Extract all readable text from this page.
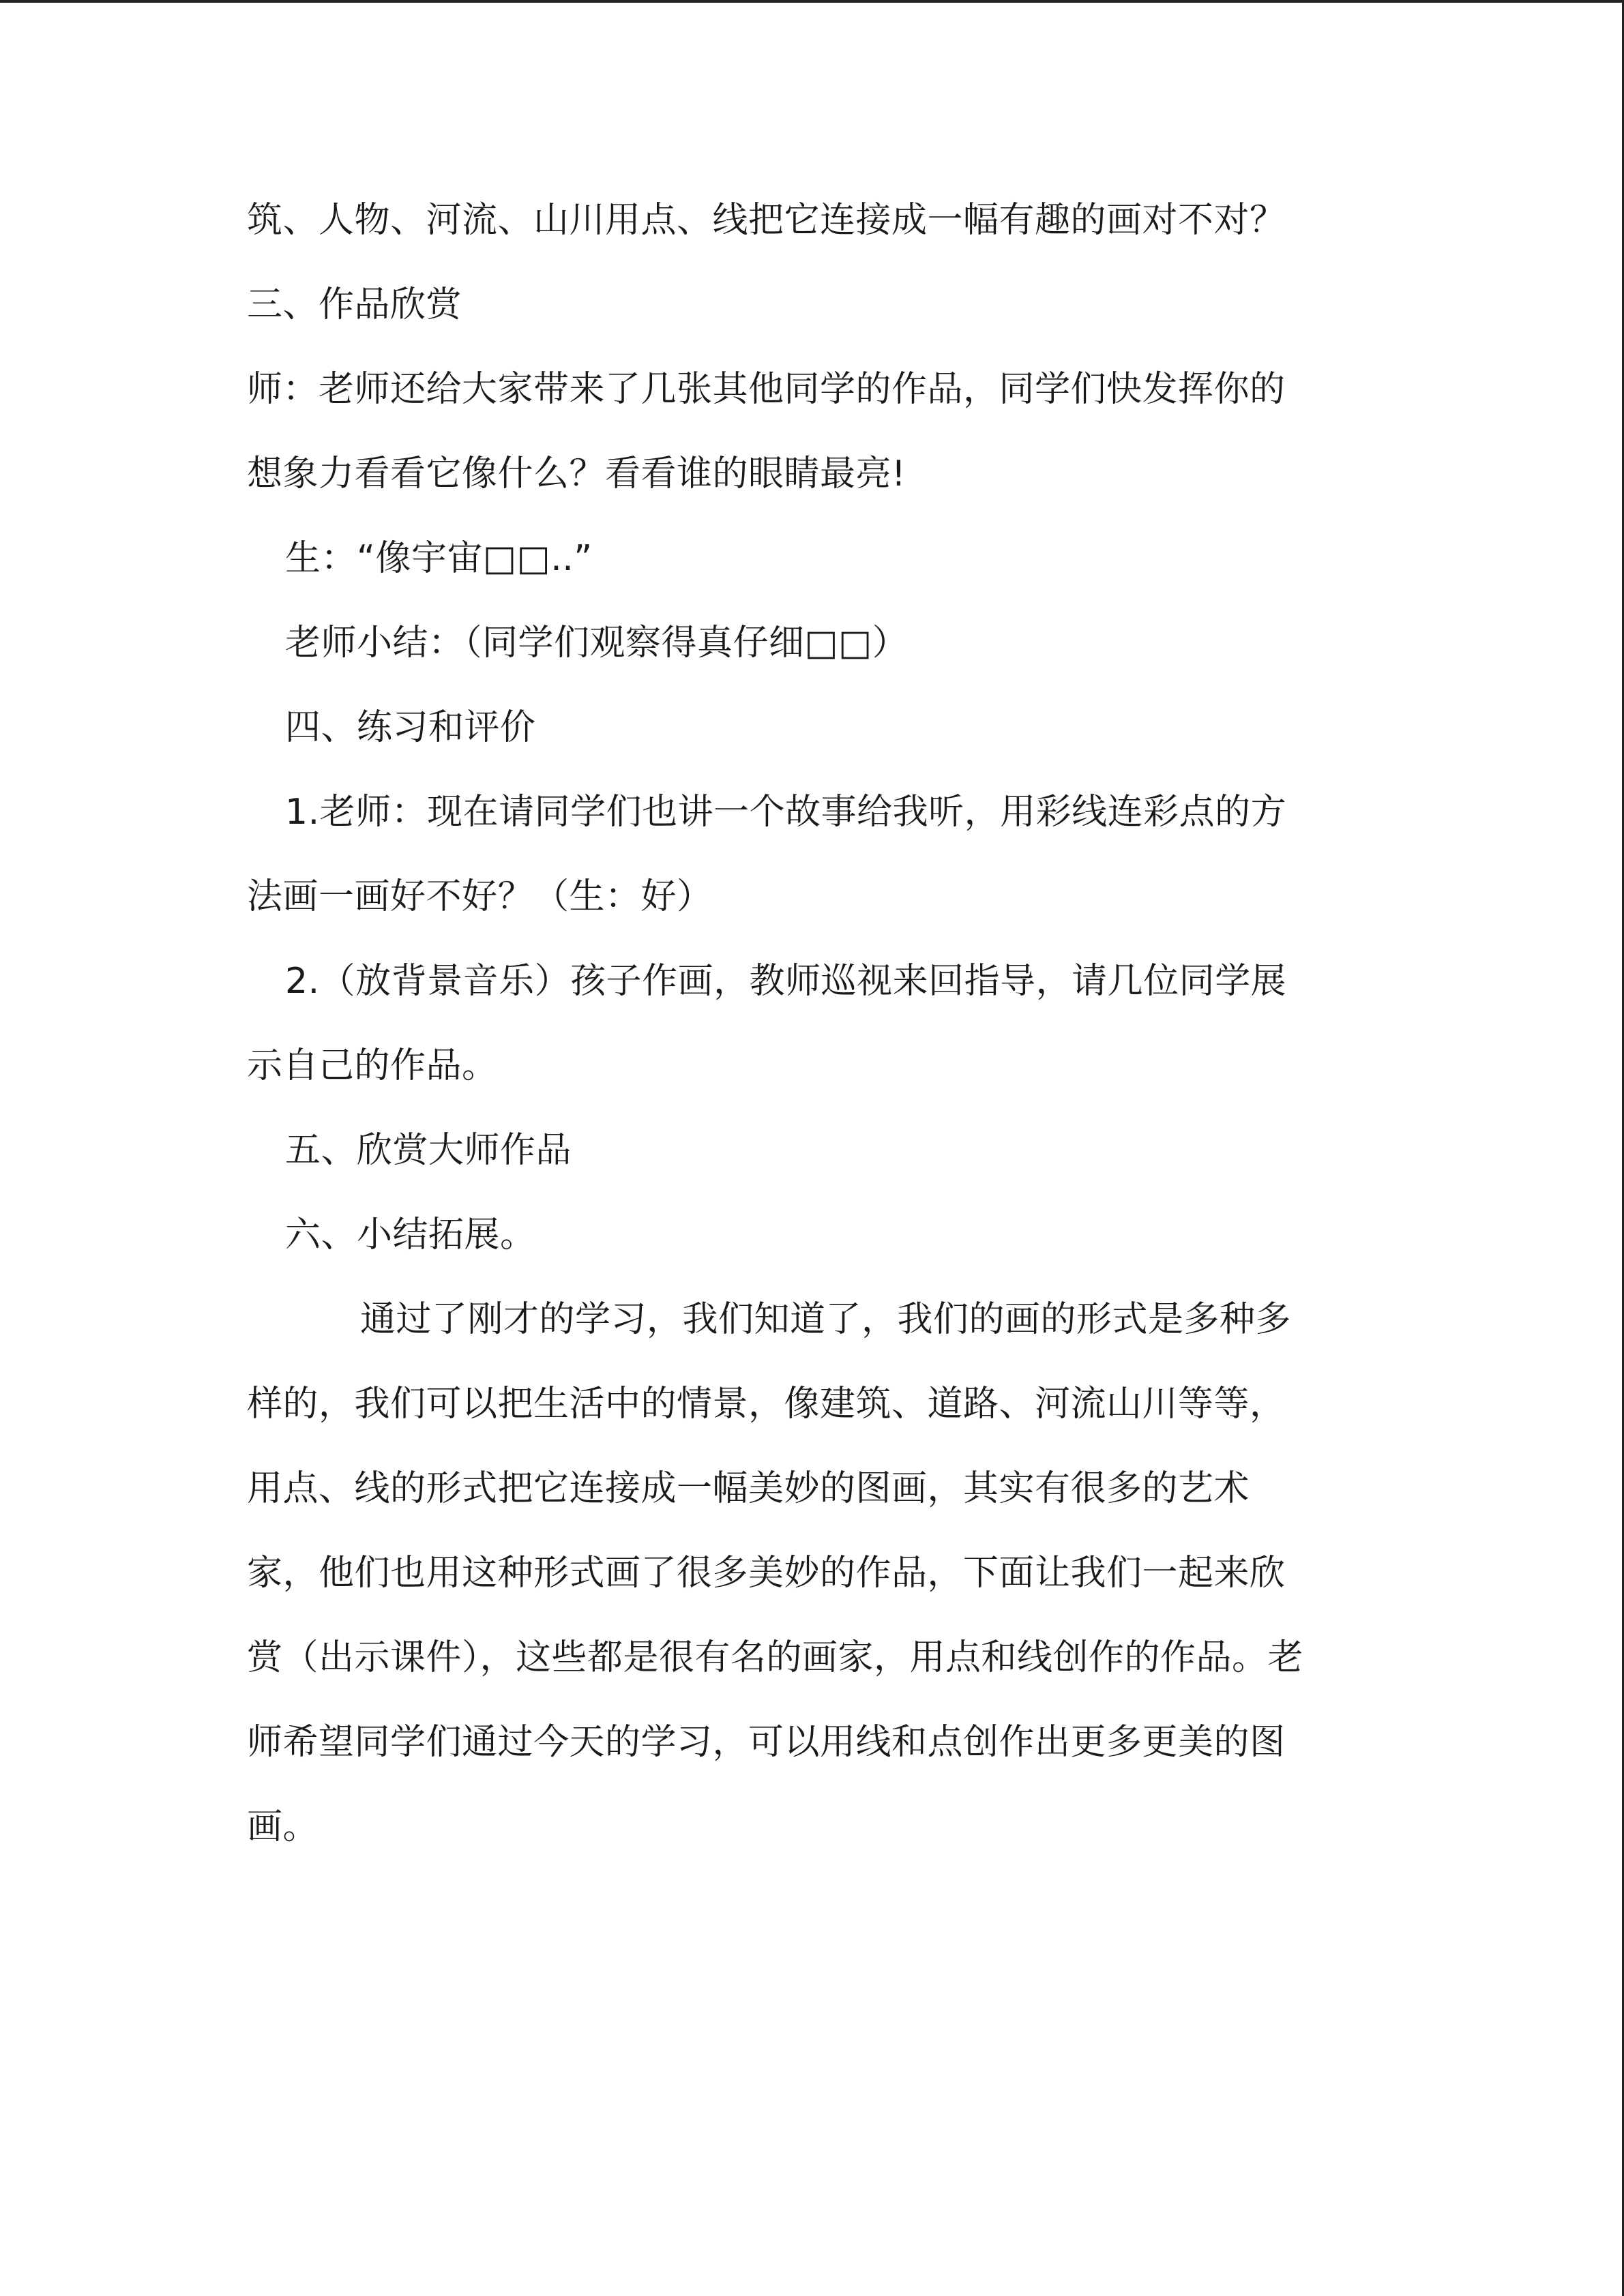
筑、人物、河流、山川用点、线把它连接成一幅有趣的画对不对？
三、作品欣赏
师：老师还给大家带来了几张其他同学的作品，同学们快发挥你的
想象力看看它像什么？看看谁的眼睛最亮!
生：“像宇宙□□..”
老师小结：（同学们观察得真仔细□□）
四、练习和评价
1.老师：现在请同学们也讲一个故事给我听，用彩线连彩点的方
法画一画好不好？（生：好）
2.（放背景音乐）孩子作画，教师巡视来回指导，请几位同学展
示自己的作品。
五、欣赏大师作品
六、小结拓展。
通过了刚才的学习，我们知道了，我们的画的形式是多种多
样的，我们可以把生活中的情景，像建筑、道路、河流山川等等，
用点、线的形式把它连接成一幅美妙的图画，其实有很多的艺术
家，他们也用这种形式画了很多美妙的作品，下面让我们一起来欣
赏（出示课件），这些都是很有名的画家，用点和线创作的作品。老
师希望同学们通过今天的学习，可以用线和点创作出更多更美的图
画。
